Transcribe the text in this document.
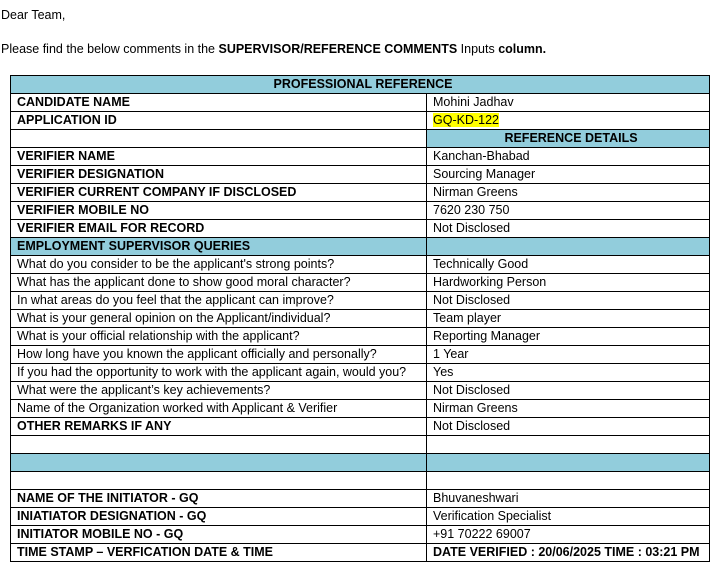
Dear Team,
Please find the below comments in the SUPERVISOR/REFERENCE COMMENTS Inputs column.
PROFESSIONAL REFERENCE	
CANDIDATE NAME	Mohini Jadhav
APPLICATION ID	GQ-KD-122
	REFERENCE DETAILS
VERIFIER NAME	Kanchan-Bhabad
VERIFIER DESIGNATION	Sourcing Manager
VERIFIER CURRENT COMPANY IF DISCLOSED	Nirman Greens
VERIFIER MOBILE NO	7620 230 750
VERIFIER EMAIL FOR RECORD	Not Disclosed
EMPLOYMENT SUPERVISOR QUERIES	
What do you consider to be the applicant's strong points?	Technically Good
What has the applicant done to show good moral character?	Hardworking Person
In what areas do you feel that the applicant can improve?	Not Disclosed
What is your general opinion on the Applicant/individual?	Team player
What is your official relationship with the applicant?	Reporting Manager
How long have you known the applicant officially and personally?	1 Year
If you had the opportunity to work with the applicant again, would you?	Yes
What were the applicant’s key achievements?	Not Disclosed
Name of the Organization worked with Applicant & Verifier	Nirman Greens
OTHER REMARKS IF ANY	Not Disclosed

NAME OF THE INITIATOR - GQ	Bhuvaneshwari
INIATIATOR DESIGNATION - GQ	Verification Specialist
INITIATOR MOBILE NO - GQ	+91 70222 69007
TIME STAMP – VERFICATION DATE & TIME	DATE VERIFIED : 20/06/2025 TIME : 03:21 PM
